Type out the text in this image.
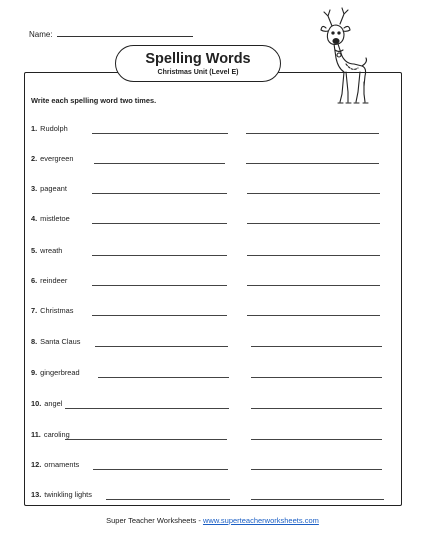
Name:
Spelling Words
Christmas Unit (Level E)
Write each spelling word two times.
1. Rudolph
2. evergreen
3. pageant
4. mistletoe
5. wreath
6. reindeer
7. Christmas
8. Santa Claus
9. gingerbread
10. angel
11. caroling
12. ornaments
13. twinkling lights
Super Teacher Worksheets - www.superteacherworksheets.com
